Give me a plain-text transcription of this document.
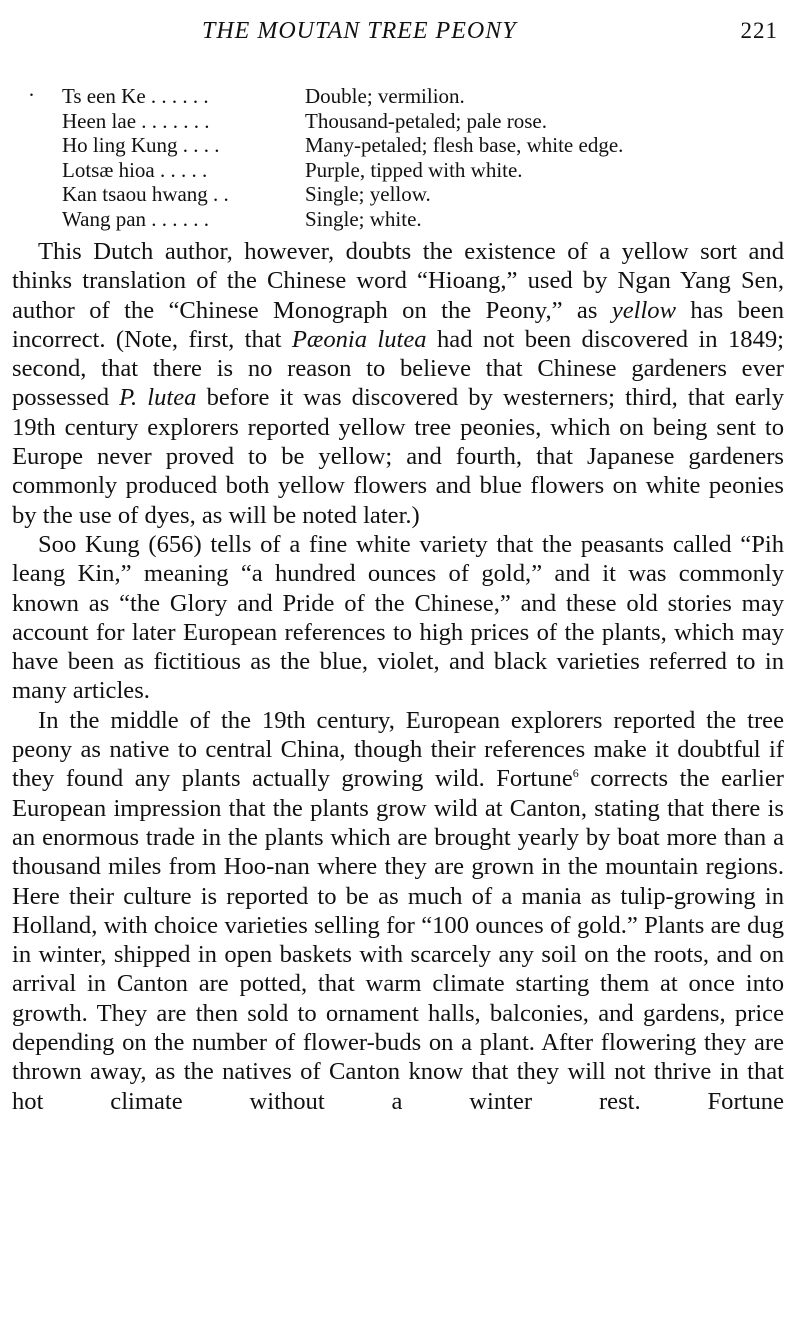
THE MOUTAN TREE PEONY	221
· Ts een Ke . . . . . .	Double; vermilion.
Heen lae . . . . . . .	Thousand-petaled; pale rose.
Ho ling Kung . . . .	Many-petaled; flesh base, white edge.
Lotsæ hioa . . . . .	Purple, tipped with white.
Kan tsaou hwang . .	Single; yellow.
Wang pan . . . . . .	Single; white.

This Dutch author, however, doubts the existence of a yellow sort and thinks translation of the Chinese word “Hioang,” used by Ngan Yang Sen, author of the “Chinese Monograph on the Peony,” as yellow has been incorrect. (Note, first, that Pæonia lutea had not been discovered in 1849; second, that there is no reason to believe that Chinese gardeners ever possessed P. lutea before it was discovered by westerners; third, that early 19th century explorers reported yellow tree peonies, which on being sent to Europe never proved to be yellow; and fourth, that Japanese gardeners commonly produced both yellow flowers and blue flowers on white peonies by the use of dyes, as will be noted later.)

Soo Kung (656) tells of a fine white variety that the peasants called “Pih leang Kin,” meaning “a hundred ounces of gold,” and it was commonly known as “the Glory and Pride of the Chinese,” and these old stories may account for later European references to high prices of the plants, which may have been as fictitious as the blue, violet, and black varieties referred to in many articles.

In the middle of the 19th century, European explorers reported the tree peony as native to central China, though their references make it doubtful if they found any plants actually growing wild. Fortune$^6$ corrects the earlier European impression that the plants grow wild at Canton, stating that there is an enormous trade in the plants which are brought yearly by boat more than a thousand miles from Hoo-nan where they are grown in the mountain regions. Here their culture is reported to be as much of a mania as tulip-growing in Holland, with choice varieties selling for “100 ounces of gold.” Plants are dug in winter, shipped in open baskets with scarcely any soil on the roots, and on arrival in Canton are potted, that warm climate starting them at once into growth. They are then sold to ornament halls, balconies, and gardens, price depending on the number of flower-buds on a plant. After flowering they are thrown away, as the natives of Canton know that they will not thrive in that hot climate without a winter rest. Fortune
